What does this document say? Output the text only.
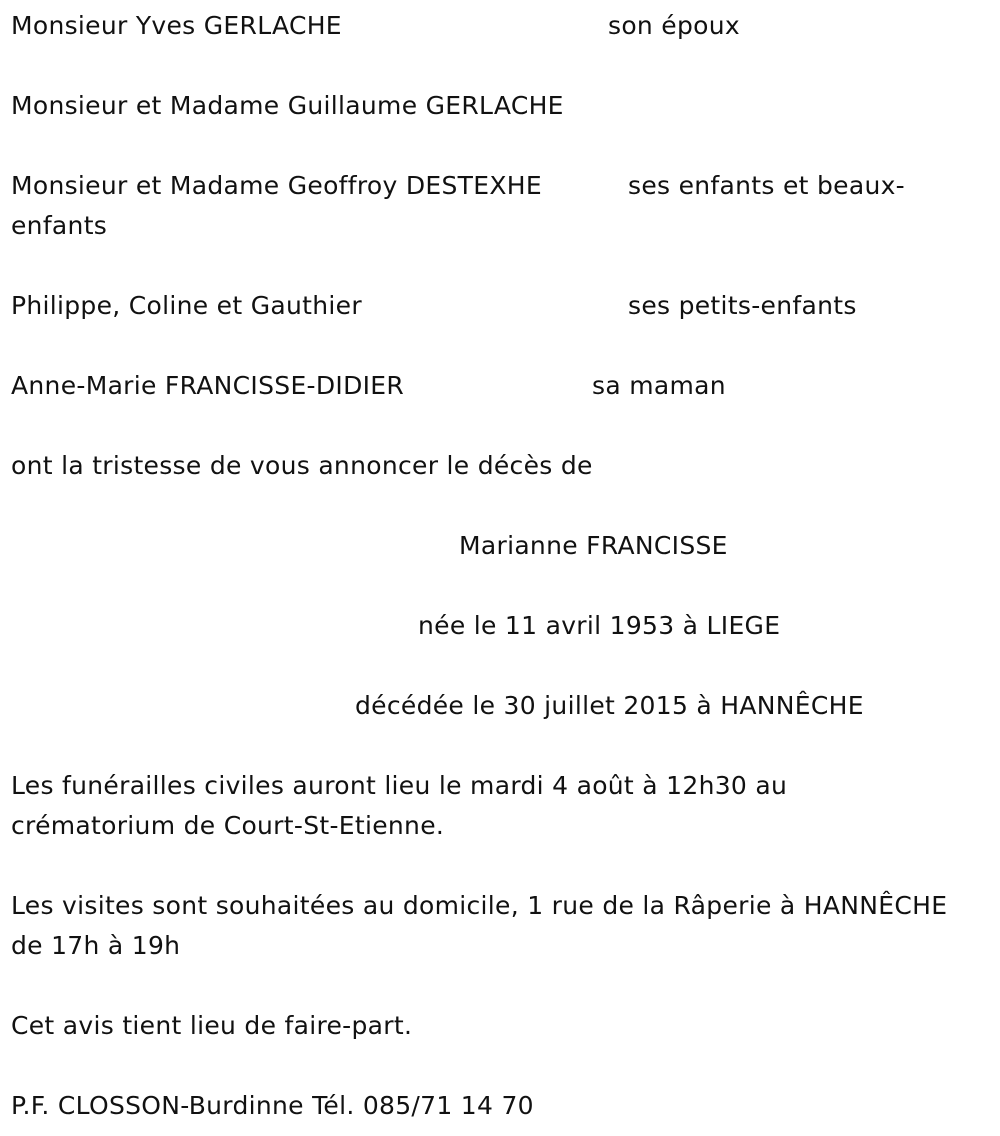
Monsieur Yves GERLACHE	son époux
Monsieur et Madame Guillaume GERLACHE
Monsieur et Madame Geoffroy DESTEXHE	ses enfants et beaux-
enfants
Philippe, Coline et Gauthier	ses petits-enfants
Anne-Marie FRANCISSE-DIDIER	sa maman
ont la tristesse de vous annoncer le décès de
Marianne FRANCISSE
née le 11 avril 1953 à LIEGE
décédée le 30 juillet 2015 à HANNÊCHE
Les funérailles civiles auront lieu le mardi 4 août à 12h30 au
crématorium de Court-St-Etienne.
Les visites sont souhaitées au domicile, 1 rue de la Râperie à HANNÊCHE
de 17h à 19h
Cet avis tient lieu de faire-part.
P.F. CLOSSON-Burdinne Tél. 085/71 14 70
